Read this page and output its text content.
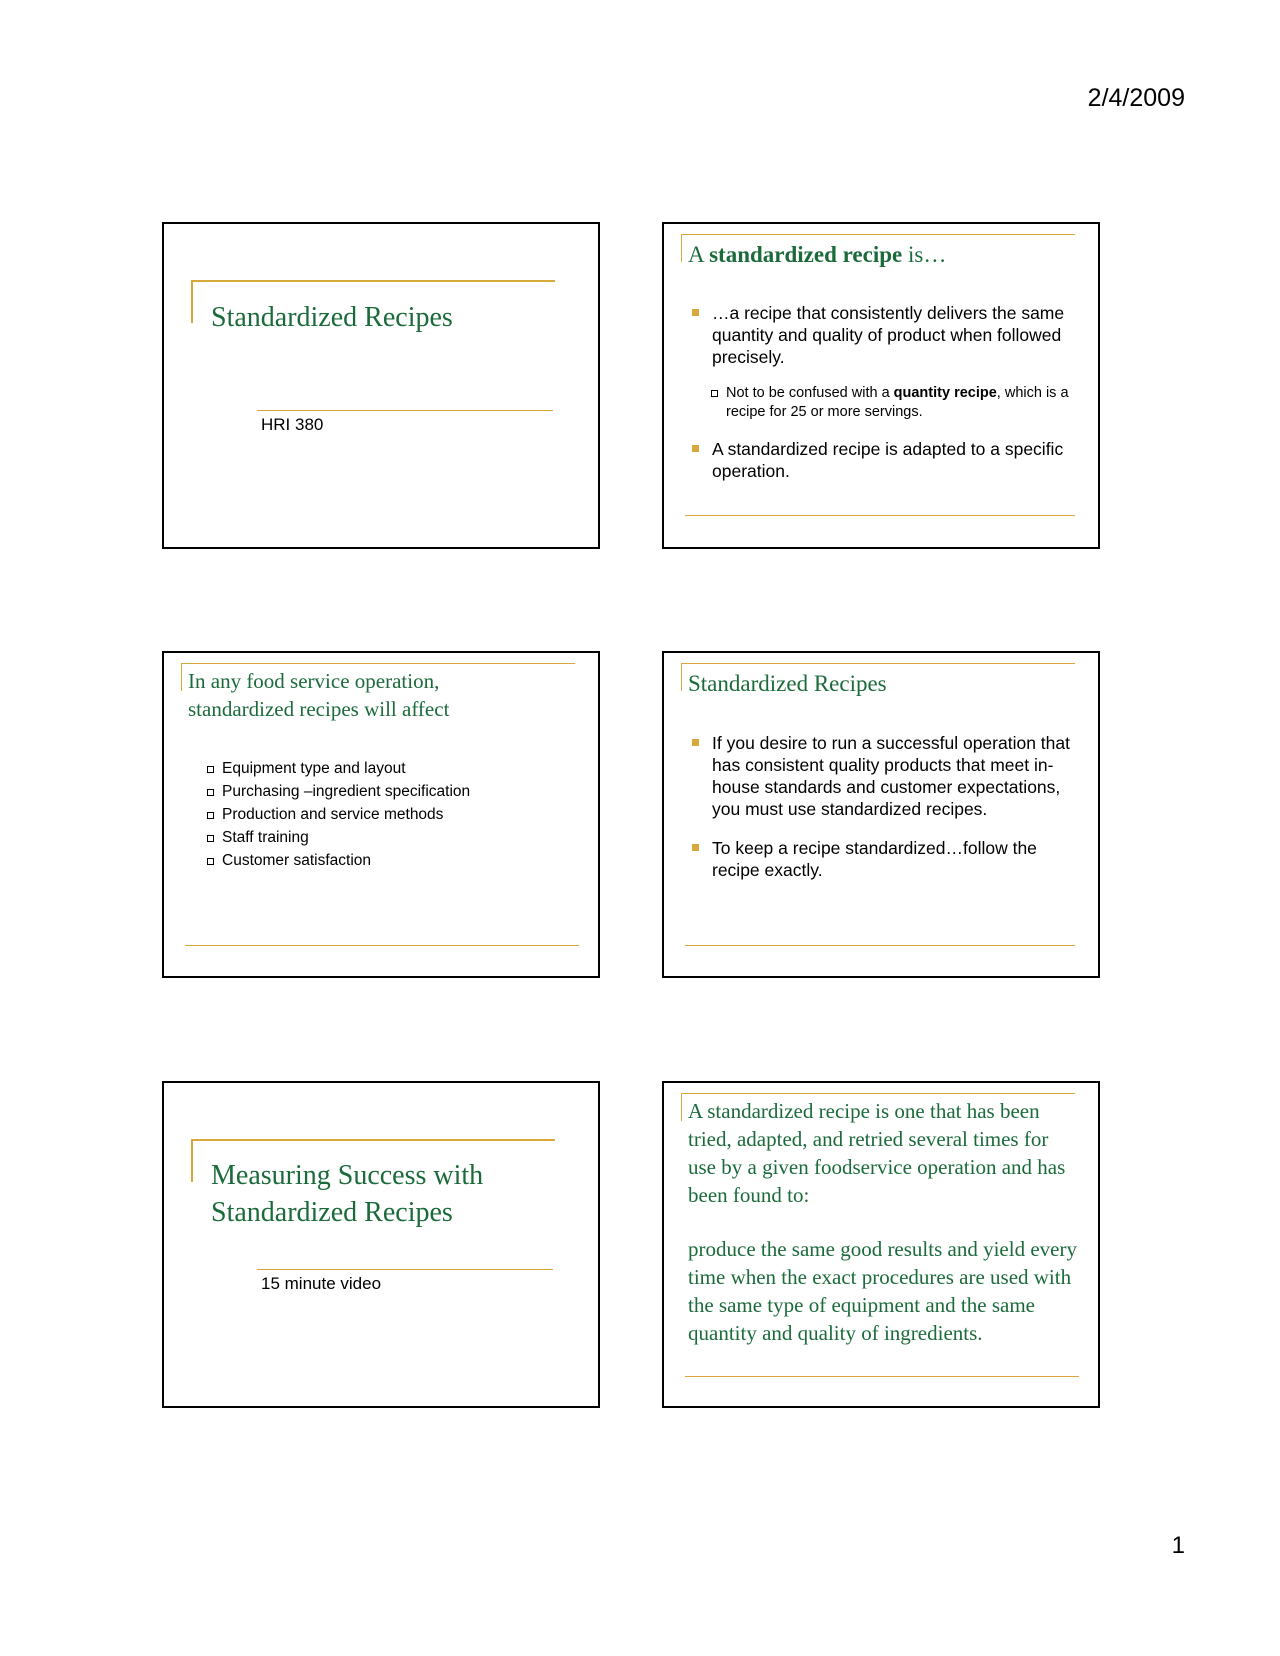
2/4/2009
Standardized Recipes
HRI 380
A standardized recipe is…
…a recipe that consistently delivers the same quantity and quality of product when followed precisely.
Not to be confused with a quantity recipe, which is a recipe for 25 or more servings.
A standardized recipe is adapted to a specific operation.
In any food service operation, standardized recipes will affect
Equipment type and layout
Purchasing –ingredient specification
Production and service methods
Staff training
Customer satisfaction
Standardized Recipes
If you desire to run a successful operation that has consistent quality products that meet in-house standards and customer expectations, you must use standardized recipes.
To keep a recipe standardized…follow the recipe exactly.
Measuring Success with
Standardized Recipes
15 minute video
A standardized recipe is one that has been tried, adapted, and retried several times for use by a given foodservice operation and has been found to:
produce the same good results and yield every time when the exact procedures are used with the same type of equipment and the same quantity and quality of ingredients.
1
